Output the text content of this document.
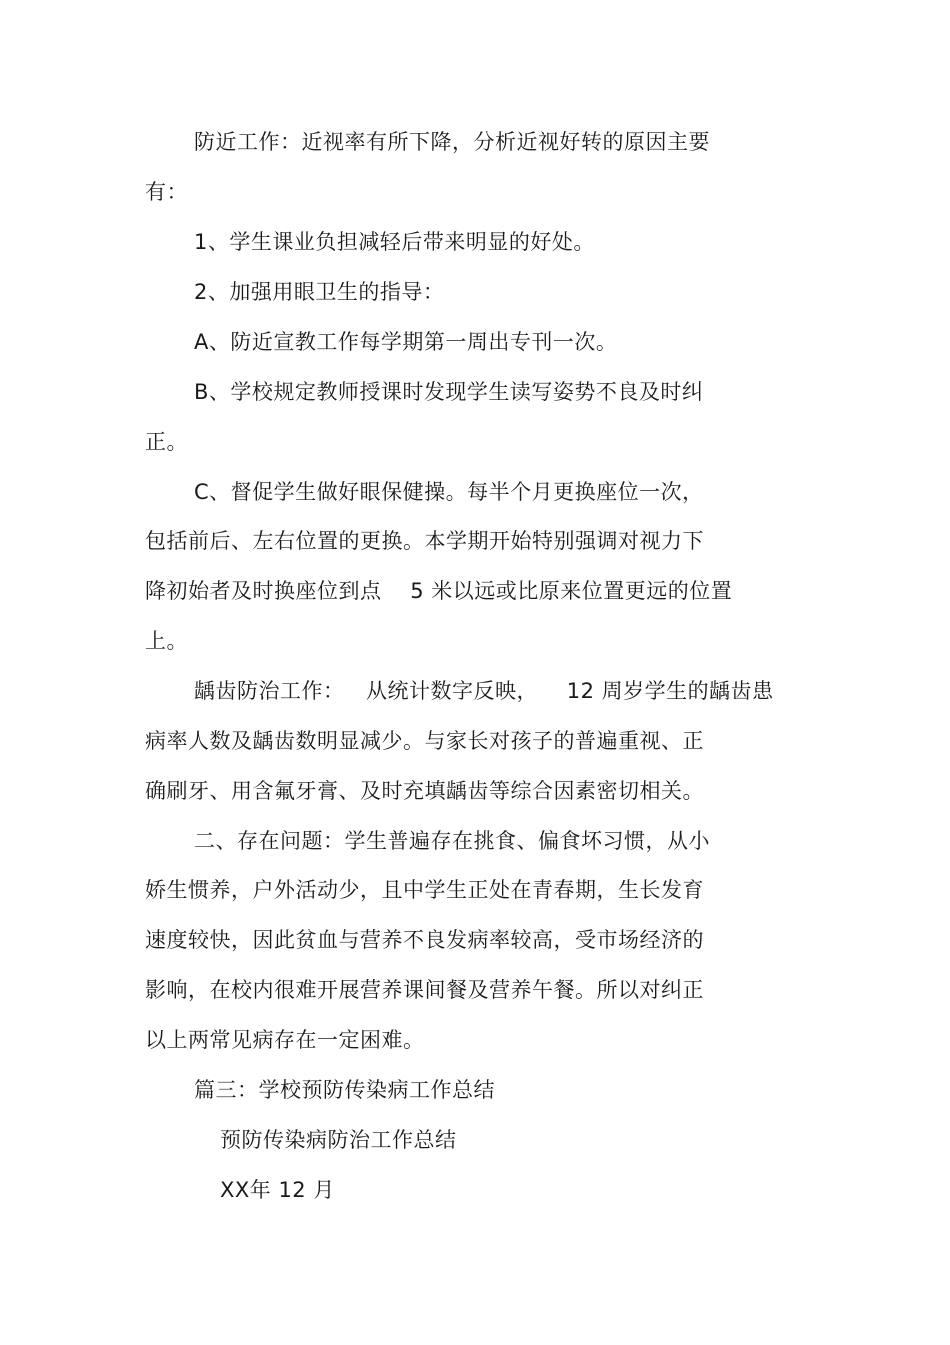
防近工作：近视率有所下降，分析近视好转的原因主要
有：
1、学生课业负担减轻后带来明显的好处。
2、加强用眼卫生的指导：
A、防近宣教工作每学期第一周出专刊一次。
B、学校规定教师授课时发现学生读写姿势不良及时纠
正。
C、督促学生做好眼保健操。每半个月更换座位一次，
包括前后、左右位置的更换。本学期开始特别强调对视力下
降初始者及时换座位到点    5 米以远或比原来位置更远的位置
上。
龋齿防治工作：   从统计数字反映，    12 周岁学生的龋齿患
病率人数及龋齿数明显减少。与家长对孩子的普遍重视、正
确刷牙、用含氟牙膏、及时充填龋齿等综合因素密切相关。
二、存在问题：学生普遍存在挑食、偏食坏习惯，从小
娇生惯养，户外活动少，且中学生正处在青春期，生长发育
速度较快，因此贫血与营养不良发病率较高，受市场经济的
影响，在校内很难开展营养课间餐及营养午餐。所以对纠正
以上两常见病存在一定困难。
篇三：学校预防传染病工作总结
预防传染病防治工作总结
XX年 12 月
